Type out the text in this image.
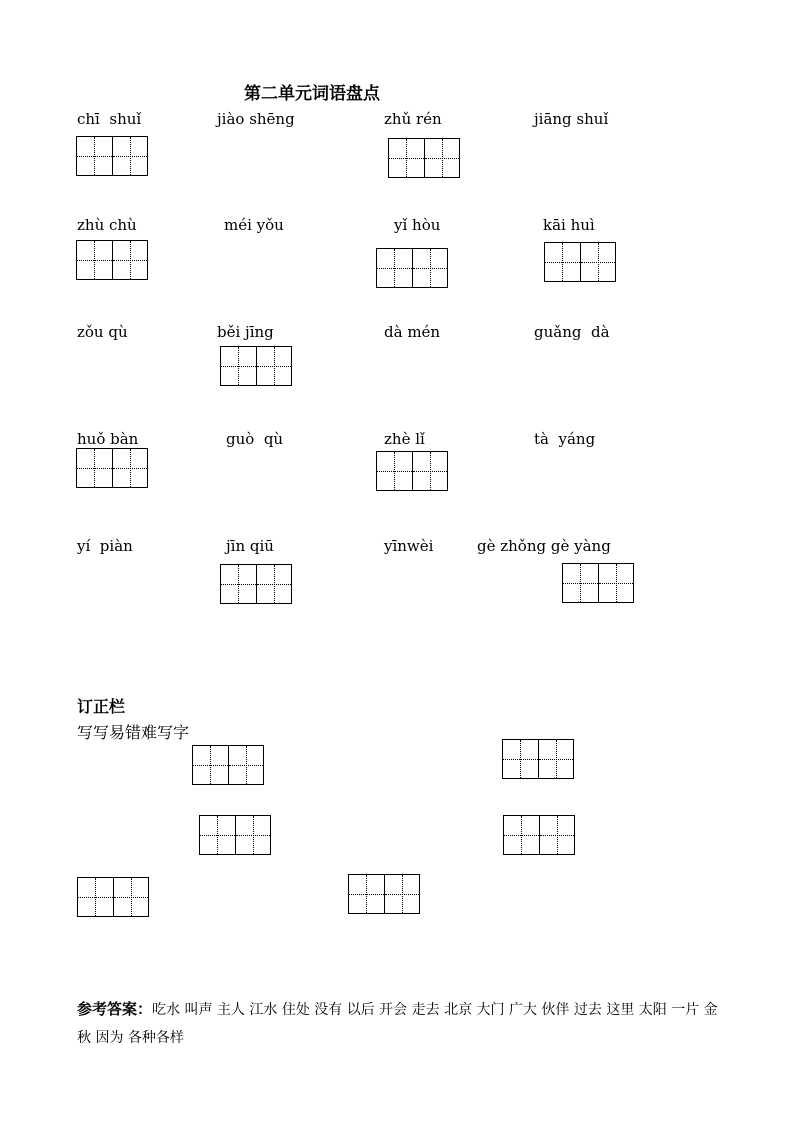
第二单元词语盘点
chī  shuǐ	jiào shēng	zhǔ rén	jiāng shuǐ
zhù chù	méi yǒu	yǐ hòu	kāi huì
zǒu qù	běi jīng	dà mén	guǎng  dà
huǒ bàn	guò  qù	zhè lǐ	tà  yáng
yí  piàn	jīn qiū	yīnwèi	gè zhǒng gè yàng
订正栏
写写易错难写字
参考答案：吃水 叫声 主人 江水 住处 没有 以后 开会 走去 北京 大门 广大 伙伴 过去 这里 太阳 一片 金秋 因为 各种各样
